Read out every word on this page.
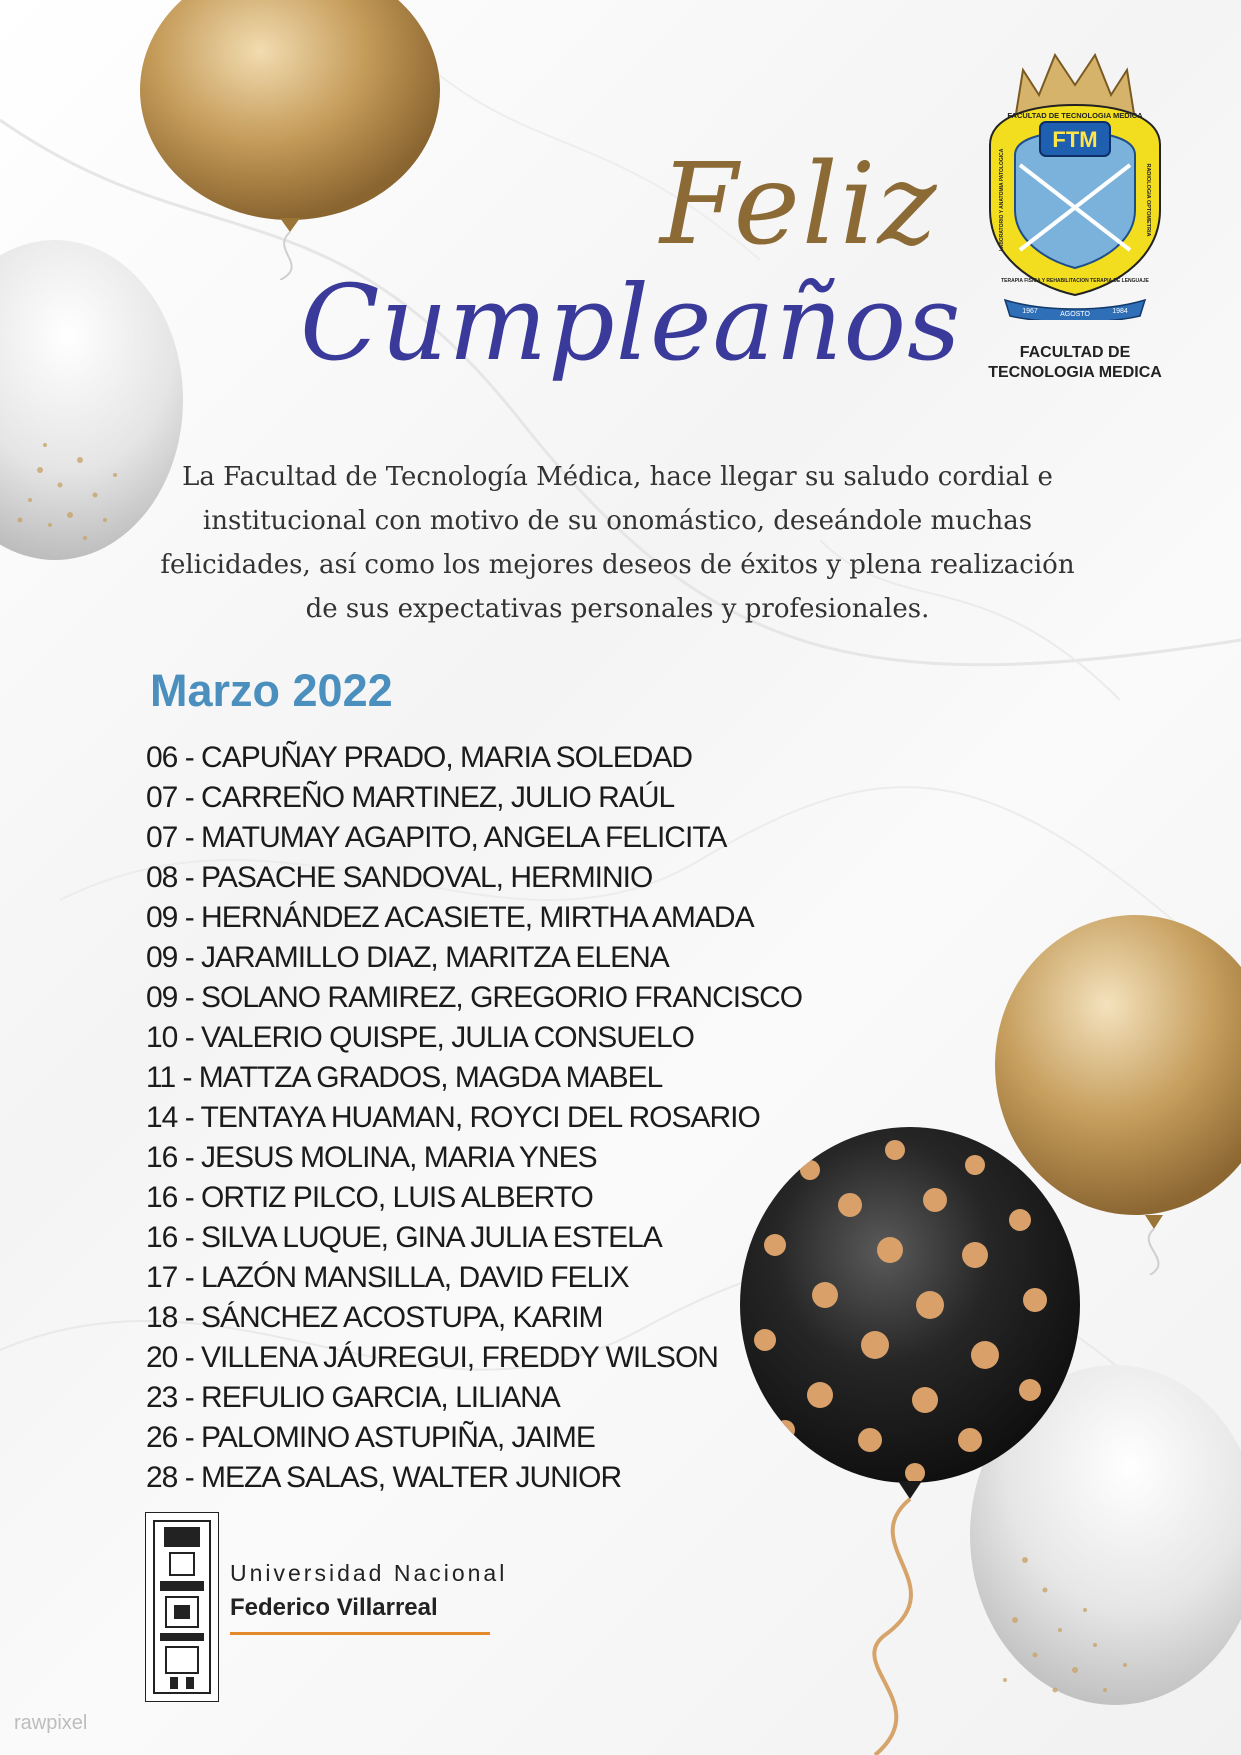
Feliz
Cumpleaños
FTM
FACULTAD DE TECNOLOGIA MEDICA
TERAPIA FISICA Y REHABILITACION TERAPIA DE LENGUAJE
LABORATORIO Y ANATOMIA PATOLOGICA	RADIOLOGIA OPTOMETRIA
1967	AGOSTO	1984
FACULTAD DE
TECNOLOGIA MEDICA
La Facultad de Tecnología Médica, hace llegar su saludo cordial e institucional con motivo de su onomástico, deseándole muchas felicidades, así como los mejores deseos de éxitos y plena realización de sus expectativas personales y profesionales.
Marzo 2022
06 - CAPUÑAY PRADO, MARIA SOLEDAD
07 - CARREÑO MARTINEZ, JULIO RAÚL
07 - MATUMAY AGAPITO, ANGELA FELICITA
08 - PASACHE SANDOVAL, HERMINIO
09 - HERNÁNDEZ ACASIETE, MIRTHA AMADA
09 - JARAMILLO DIAZ, MARITZA ELENA
09 - SOLANO RAMIREZ, GREGORIO FRANCISCO
10 - VALERIO QUISPE, JULIA CONSUELO
11 - MATTZA GRADOS, MAGDA MABEL
14 - TENTAYA HUAMAN, ROYCI DEL ROSARIO
16 - JESUS MOLINA, MARIA YNES
16 - ORTIZ PILCO, LUIS ALBERTO
16 - SILVA LUQUE, GINA JULIA ESTELA
17 - LAZÓN MANSILLA, DAVID FELIX
18 - SÁNCHEZ ACOSTUPA, KARIM
20 - VILLENA JÁUREGUI, FREDDY WILSON
23 - REFULIO GARCIA, LILIANA
26 - PALOMINO ASTUPIÑA, JAIME
28 - MEZA SALAS, WALTER JUNIOR
Universidad Nacional
Federico Villarreal
rawpixel
